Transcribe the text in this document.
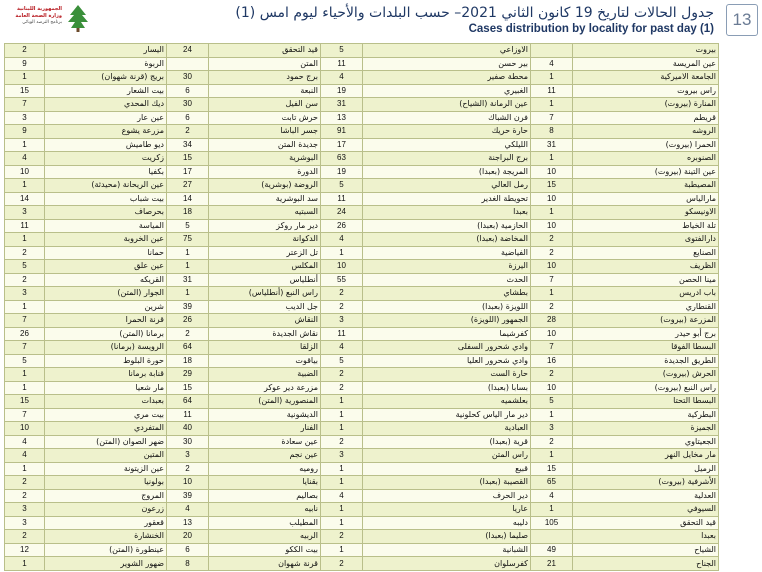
الجمهورية اللبنانية
وزارة الصحة العامة
برنامج الترصد الوبائي
جدول الحالات لتاريخ 19 كانون الثاني 2021– حسب البلدات والأحياء ليوم امس (1)
Cases distribution by locality for past day (1)	13
2	اليسار	24	قيد التحقق	5	الاوزاعي		بيروت
9	الربوة		المتن	11	بير حسن	4	عين المريسة
1	بريج (قرنة شهوان)	30	برج حمود	4	محطة صفير	1	الجامعة الاميركية
15	بيت الشعار	6	النبعة	19	الغبيري	11	راس بيروت
7	ديك المحدي	30	سن الفيل	31	عين الرمانة (الشياح)	1	المنارة (بيروت)
3	عين عار	6	حرش تابت	13	فرن الشباك	7	قريطم
9	مزرعة يشوع	2	جسر الباشا	91	حارة حريك	8	الروشه
1	ديو طاميش	34	جديدة المتن	17	الليلكي	31	الحمرا (بيروت)
4	زكريت	15	البوشرية	63	برج البراجنة	1	الصنوبره
10	بكفيا	17	الدورة	19	المريجة (بعبدا)	10	عين التينة (بيروت)
1	عين الريحانة (محيدثة)	27	الروضة (بوشرية)	5	رمل العالي	15	المصيطبة
14	بيت شباب	14	سد البوشرية	11	تحويطة الغدير	10	مارالياس
3	بحرصاف	18	السبتيه	24	بعبدا	1	الاونيسكو
11	المياسة	5	دير مار روكز	26	الحازمية (بعبدا)	10	تلة الخياط
1	عين الخروبة	75	الدكوانة	4	المخاضة (بعبدا)	2	دارالفتوى
2	حمانا	1	تل الزعتر	1	الفياضية	2	الصنايع
5	عين علق	1	المكلس	10	اليرزة	10	الظريف
2	القريكه	31	أنطلياس	55	الحدث	7	مينا الحصن
3	الجوار (المتن)	1	راس النبع (أنطلياس)	2	بطشاي	1	باب ادريس
1	شرين	39	جل الديب	2	اللويزة (بعبدا)	2	القنطاري
7	قرنة الحمرا	26	النقاش	3	الجمهور (اللويزة)	28	المزرعة (بيروت)
26	برمانا (المتن)	2	نقاش الجديدة	11	كفرشيما	10	برج أبو حيدر
7	الرويسة (برمانا)	64	الزلقا	4	وادي شحرور السفلى	7	البسطا الفوقا
5	حورة البلوط	18	بياقوت	5	وادي شحرور العليا	16	الطريق الجديدة
1	قنابة برمانا	29	الضبية	2	حارة الست	2	الحرش (بيروت)
1	مار شعيا	15	مزرعة دير عوكر	2	بسابا (بعبدا)	10	راس النبع (بيروت)
15	بعبدات	64	المنصورية (المتن)	1	بعلشميه	5	البسطا التحتا
7	بيت مري	11	الديشونية	1	دير مار الياس كحلونية	1	البطركية
10	المتفردي	40	الفنار	1	العبادية	3	الجميزة
4	ضهر الصوان (المتن)	30	عين سعادة	2	قرية (بعبدا)	2	الجعيتاوي
4	المتين	3	عين نجم	3	راس المتن	1	مار مخايل النهر
1	عين الزيتونة	2	روميه	1	قبيع	15	الرميل
2	بولونيا	10	بقنايا	1	القصيبة (بعبدا)	65	الأشرفية (بيروت)
2	المروج	39	بصاليم	4	دير الحرف	4	العدلية
3	زرعون	4	نابيه	1	عاريا	1	السيوفي
3	قعقور	13	المطيلب	1	دليبه	105	قيد التحقق
2	الخنشارة	20	الربيه	2	صليما (بعبدا)		بعبدا
12	عينطورة (المتن)	6	بيت الككو	1	الشبانية	49	الشياح
1	ضهور الشوير	8	قرنة شهوان	2	كفرسلوان	21	الجناح
